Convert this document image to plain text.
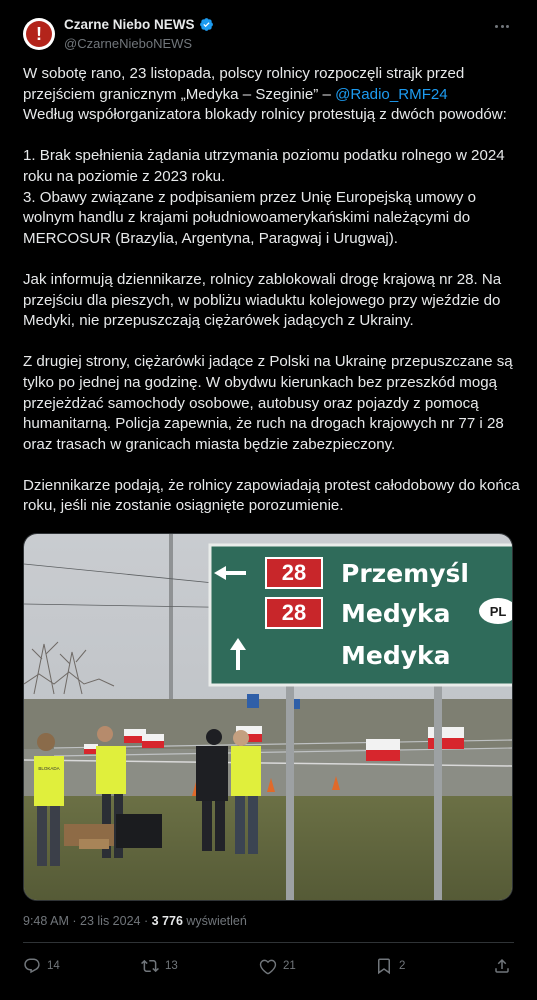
! Czarne Niebo NEWS
@CzarneNieboNEWS
W sobotę rano, 23 listopada, polscy rolnicy rozpoczęli strajk przed przejściem granicznym „Medyka – Szeginie” – @Radio_RMF24
Według współorganizatora blokady rolnicy protestują z dwóch powodów:

1. Brak spełnienia żądania utrzymania poziomu podatku rolnego w 2024 roku na poziomie z 2023 roku.
3. Obawy związane z podpisaniem przez Unię Europejską umowy o wolnym handlu z krajami południowoamerykańskimi należącymi do MERCOSUR (Brazylia, Argentyna, Paragwaj i Urugwaj).

Jak informują dziennikarze, rolnicy zablokowali drogę krajową nr 28. Na przejściu dla pieszych, w pobliżu wiaduktu kolejowego przy wjeździe do Medyki, nie przepuszczają ciężarówek jadących z Ukrainy.

Z drugiej strony, ciężarówki jadące z Polski na Ukrainę przepuszczane są tylko po jednej na godzinę. W obydwu kierunkach bez przeszkód mogą przejeżdżać samochody osobowe, autobusy oraz pojazdy z pomocą humanitarną. Policja zapewnia, że ruch na drogach krajowych nr 77 i 28 oraz trasach w granicach miasta będzie zabezpieczony.

Dziennikarze podają, że rolnicy zapowiadają protest całodobowy do końca roku, jeśli nie zostanie osiągnięte porozumienie.
28
28
Przemyśl
Medyka
Medyka
PL
BLOKADA
9:48 AM · 23 lis 2024 · 3 776 wyświetleń
14	13	21	2
